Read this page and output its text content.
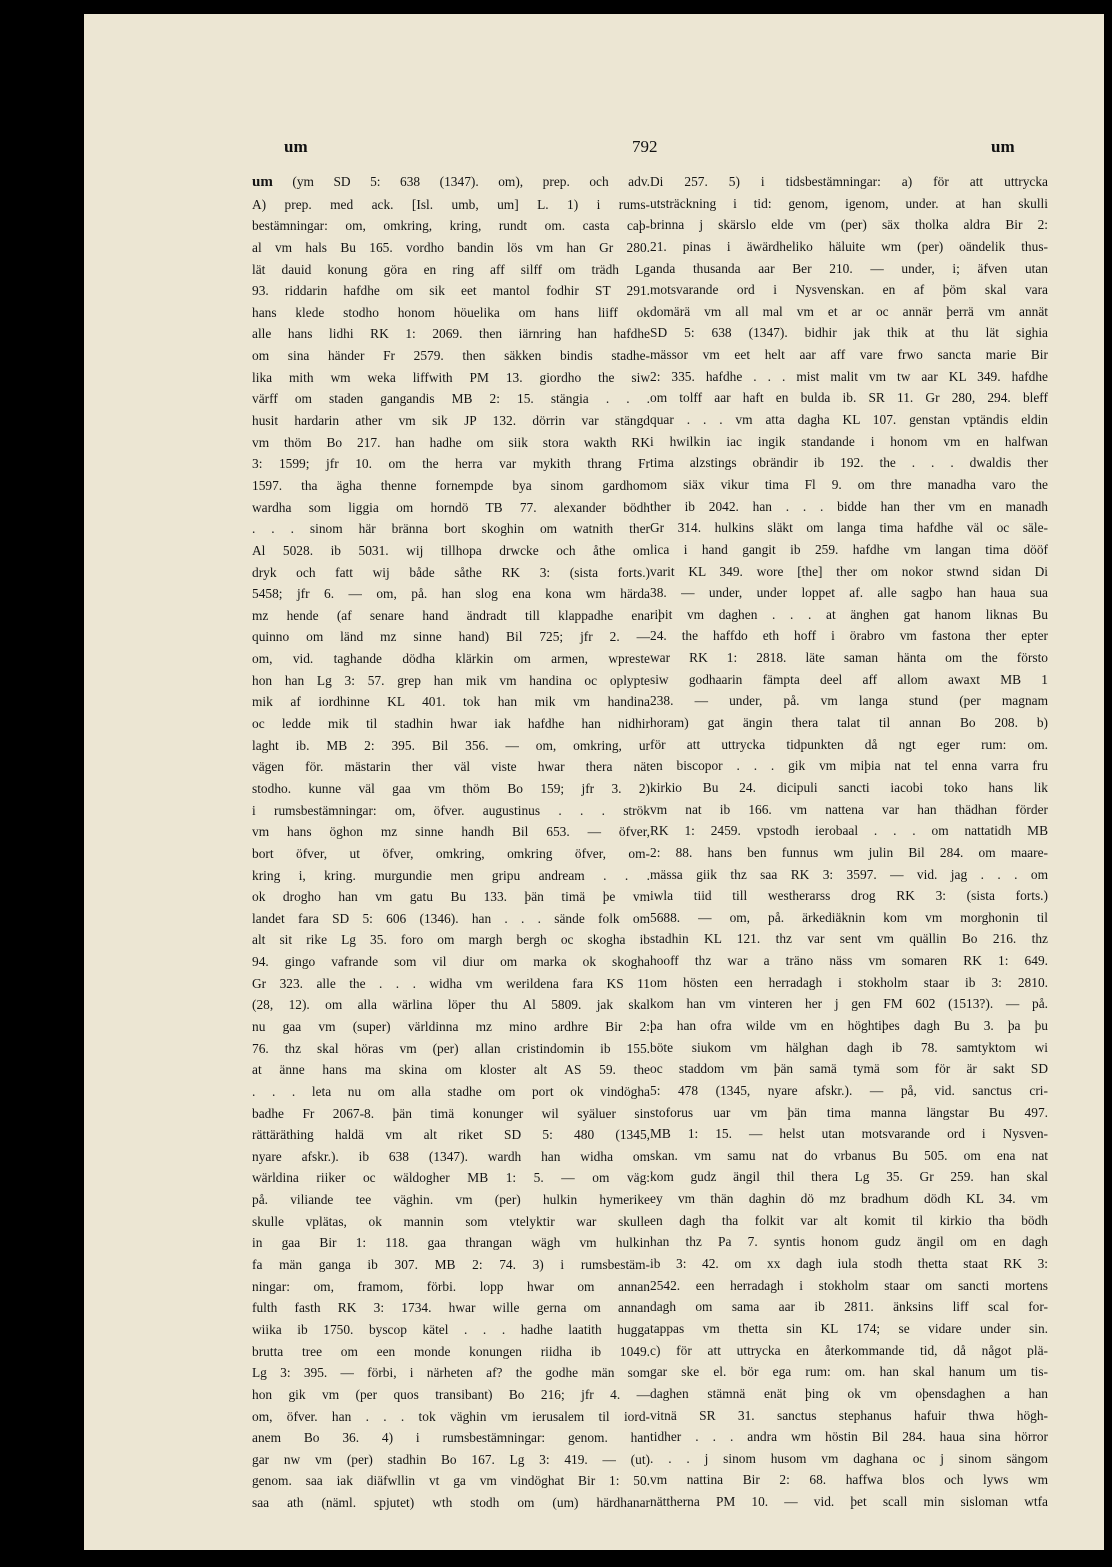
um	792	um

um (ym SD 5: 638 (1347). om), prep. och adv.

A) prep. med ack. [Isl. umb, um] L. 1) i rums-

bestämningar: om, omkring, kring, rundt om. casta caþ-

al vm hals Bu 165. vordho bandin lös vm han Gr 280.

lät dauid konung göra en ring aff silff om trädh Lg

93. riddarin hafdhe om sik eet mantol fodhir ST 291.

hans klede stodho honom höuelika om hans liiff ok

alle hans lidhi RK 1: 2069. then iärnring han hafdhe

om sina händer Fr 2579. then säkken bindis stadhe-

lika mith wm weka liffwith PM 13. giordho the siw

värff om staden gangandis MB 2: 15. stängia . . .

husit hardarin ather vm sik JP 132. dörrin var stängd

vm thöm Bo 217. han hadhe om siik stora wakth RK

3: 1599; jfr 10. om the herra var mykith thrang Fr

1597. tha ägha thenne fornempde bya sinom gardhom

wardha som liggia om horndö TB 77. alexander bödh

. . . sinom här bränna bort skoghin om watnith ther

Al 5028. ib 5031. wij tillhopa drwcke och åthe om

dryk och fatt wij både såthe RK 3: (sista forts.)

5458; jfr 6. — om, på. han slog ena kona wm härda

mz hende (af senare hand ändradt till klappadhe ena

quinno om länd mz sinne hand) Bil 725; jfr 2. —

om, vid. taghande dödha klärkin om armen, wpreste

hon han Lg 3: 57. grep han mik vm handina oc oplypte

mik af iordhinne KL 401. tok han mik vm handina

oc ledde mik til stadhin hwar iak hafdhe han nidhir

laght ib. MB 2: 395. Bil 356. — om, omkring, ur

vägen för. mästarin ther väl viste hwar thera nät

stodho. kunne väl gaa vm thöm Bo 159; jfr 3. 2)

i rumsbestämningar: om, öfver. augustinus . . . strök

vm hans öghon mz sinne handh Bil 653. — öfver,

bort öfver, ut öfver, omkring, omkring öfver, om-

kring i, kring. murgundie men gripu andream . . .

ok drogho han vm gatu Bu 133. þän timä þe vm

landet fara SD 5: 606 (1346). han . . . sände folk om

alt sit rike Lg 35. foro om margh bergh oc skogha ib

94. gingo vafrande som vil diur om marka ok skogha

Gr 323. alle the . . . widha vm werildena fara KS 11

(28, 12). om alla wärlina löper thu Al 5809. jak skal

nu gaa vm (super) världinna mz mino ardhre Bir 2:

76. thz skal höras vm (per) allan cristindomin ib 155.

at änne hans ma skina om kloster alt AS 59. the

. . . leta nu om alla stadhe om port ok vindögha

badhe Fr 2067-8. þän timä konunger wil syäluer sin

rättäräthing haldä vm alt riket SD 5: 480 (1345,

nyare afskr.). ib 638 (1347). wardh han widha om

wärldina riiker oc wäldogher MB 1: 5. — om väg:

på. viliande tee väghin. vm (per) hulkin hymerike

skulle vplätas, ok mannin som vtelyktir war skulle

in gaa Bir 1: 118. gaa thrangan wägh vm hulkin

fa män ganga ib 307. MB 2: 74. 3) i rumsbestäm-

ningar: om, framom, förbi. lopp hwar om annan

fulth fasth RK 3: 1734. hwar wille gerna om annan

wiika ib 1750. byscop kätel . . . hadhe laatith hugga

brutta tree om een monde konungen riidha ib 1049.

Lg 3: 395. — förbi, i närheten af? the godhe män som

hon gik vm (per quos transibant) Bo 216; jfr 4. —

om, öfver. han . . . tok väghin vm ierusalem til iord-

anem Bo 36. 4) i rumsbestämningar: genom. han

gar nw vm (per) stadhin Bo 167. Lg 3: 419. — (ut)

genom. saa iak diäfwllin vt ga vm vindöghat Bir 1: 50.

saa ath (näml. spjutet) wth stodh om (um) härdhanar

Di 257. 5) i tidsbestämningar: a) för att uttrycka

utsträckning i tid: genom, igenom, under. at han skulli

brinna j skärslo elde vm (per) säx tholka aldra Bir 2:

21. pinas i äwärdheliko häluite wm (per) oändelik thus-

anda thusanda aar Ber 210. — under, i; äfven utan

motsvarande ord i Nysvenskan. en af þöm skal vara

domärä vm all mal vm et ar oc annär þerrä vm annät

SD 5: 638 (1347). bidhir jak thik at thu lät sighia

mässor vm eet helt aar aff vare frwo sancta marie Bir

2: 335. hafdhe . . . mist malit vm tw aar KL 349. hafdhe

om tolff aar haft en bulda ib. SR 11. Gr 280, 294. bleff

quar . . . vm atta dagha KL 107. genstan vptändis eldin

i hwilkin iac ingik standande i honom vm en halfwan

tima alzstings obrändir ib 192. the . . . dwaldis ther

om siäx vikur tima Fl 9. om thre manadha varo the

ther ib 2042. han . . . bidde han ther vm en manadh

Gr 314. hulkins släkt om langa tima hafdhe väl oc säle-

lica i hand gangit ib 259. hafdhe vm langan tima dööf

varit KL 349. wore [the] ther om nokor stwnd sidan Di

38. — under, under loppet af. alle sagþo han haua sua

riþit vm daghen . . . at änghen gat hanom liknas Bu

24. the haffdo eth hoff i örabro vm fastona ther epter

war RK 1: 2818. läte saman hänta om the försto

siw godhaarin fämpta deel aff allom awaxt MB 1

238. — under, på. vm langa stund (per magnam

horam) gat ängin thera talat til annan Bo 208. b)

för att uttrycka tidpunkten då ngt eger rum: om.

en biscopor . . . gik vm miþia nat tel enna varra fru

kirkio Bu 24. dicipuli sancti iacobi toko hans lik

vm nat ib 166. vm nattena var han thädhan förder

RK 1: 2459. vpstodh ierobaal . . . om nattatidh MB

2: 88. hans ben funnus wm julin Bil 284. om maare-

mässa giik thz saa RK 3: 3597. — vid. jag . . . om

iwla tiid till westherarss drog RK 3: (sista forts.)

5688. — om, på. ärkediäknin kom vm morghonin til

stadhin KL 121. thz var sent vm quällin Bo 216. thz

hooff thz war a träno näss vm somaren RK 1: 649.

om hösten een herradagh i stokholm staar ib 3: 2810.

kom han vm vinteren her j gen FM 602 (1513?). — på.

þa han ofra wilde vm en höghtiþes dagh Bu 3. þa þu

böte siukom vm hälghan dagh ib 78. samtyktom wi

oc staddom vm þän samä tymä som för är sakt SD

5: 478 (1345, nyare afskr.). — på, vid. sanctus cri-

stoforus uar vm þän tima manna längstar Bu 497.

MB 1: 15. — helst utan motsvarande ord i Nysven-

skan. vm samu nat do vrbanus Bu 505. om ena nat

kom gudz ängil thil thera Lg 35. Gr 259. han skal

ey vm thän daghin dö mz bradhum dödh KL 34. vm

en dagh tha folkit var alt komit til kirkio tha bödh

han thz Pa 7. syntis honom gudz ängil om en dagh

ib 3: 42. om xx dagh iula stodh thetta staat RK 3:

2542. een herradagh i stokholm staar om sancti mortens

dagh om sama aar ib 2811. änksins liff scal for-

tappas vm thetta sin KL 174; se vidare under sin.

c) för att uttrycka en återkommande tid, då något plä-

gar ske el. bör ega rum: om. han skal hanum um tis-

daghen stämnä enät þing ok vm oþensdaghen a han

vitnä SR 31. sanctus stephanus hafuir thwa högh-

tidher . . . andra wm höstin Bil 284. haua sina hörror

. . . j sinom husom vm daghana oc j sinom sängom

vm nattina Bir 2: 68. haffwa blos och lyws wm

nättherna PM 10. — vid. þet scall min sisloman wtfa
